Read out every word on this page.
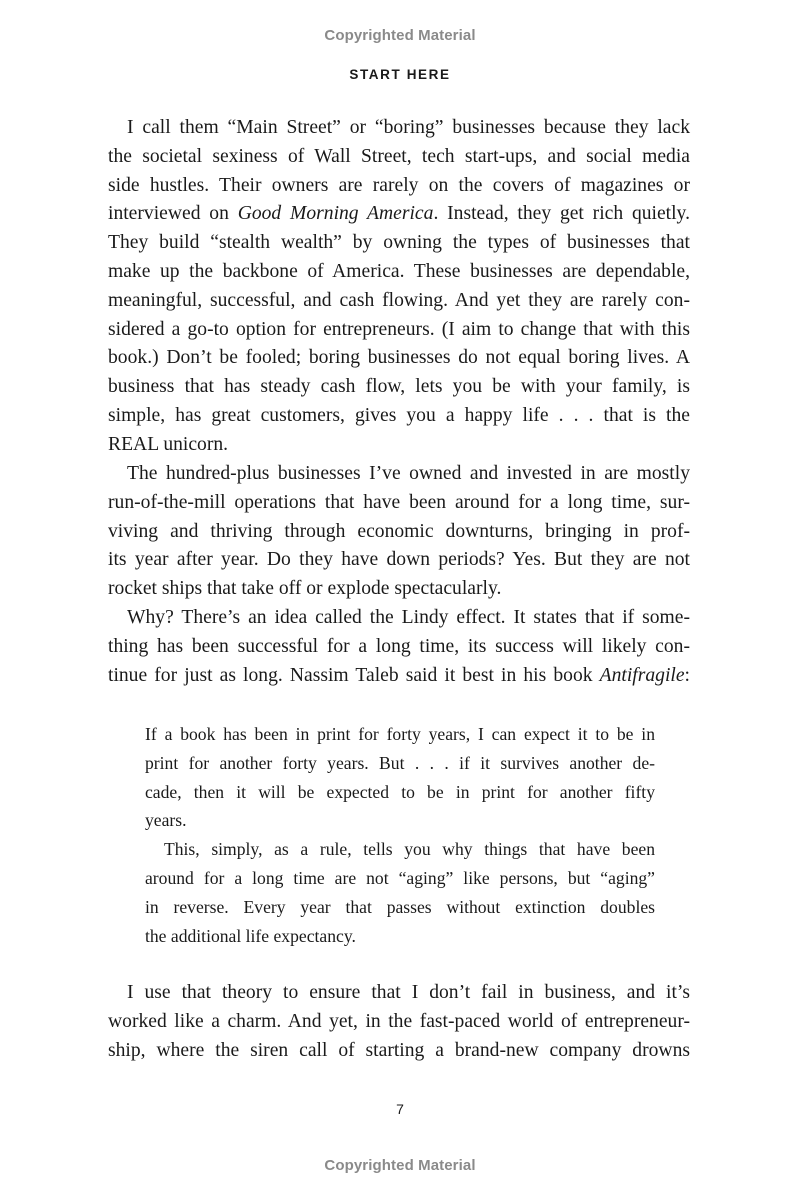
Copyrighted Material
START HERE
I call them “Main Street” or “boring” businesses because they lack
the societal sexiness of Wall Street, tech start-ups, and social media
side hustles. Their owners are rarely on the covers of magazines or
interviewed on Good Morning America. Instead, they get rich quietly.
They build “stealth wealth” by owning the types of businesses that
make up the backbone of America. These businesses are dependable,
meaningful, successful, and cash flowing. And yet they are rarely con-
sidered a go-to option for entrepreneurs. (I aim to change that with this
book.) Don’t be fooled; boring businesses do not equal boring lives. A
business that has steady cash flow, lets you be with your family, is
simple, has great customers, gives you a happy life . . . that is the
REAL unicorn.
The hundred-plus businesses I’ve owned and invested in are mostly
run-of-the-mill operations that have been around for a long time, sur-
viving and thriving through economic downturns, bringing in prof-
its year after year. Do they have down periods? Yes. But they are not
rocket ships that take off or explode spectacularly.
Why? There’s an idea called the Lindy effect. It states that if some-
thing has been successful for a long time, its success will likely con-
tinue for just as long. Nassim Taleb said it best in his book Antifragile:
If a book has been in print for forty years, I can expect it to be in
print for another forty years. But . . . if it survives another de-
cade, then it will be expected to be in print for another fifty
years.
This, simply, as a rule, tells you why things that have been
around for a long time are not “aging” like persons, but “aging”
in reverse. Every year that passes without extinction doubles
the additional life expectancy.
I use that theory to ensure that I don’t fail in business, and it’s
worked like a charm. And yet, in the fast-paced world of entrepreneur-
ship, where the siren call of starting a brand-new company drowns
7
Copyrighted Material
